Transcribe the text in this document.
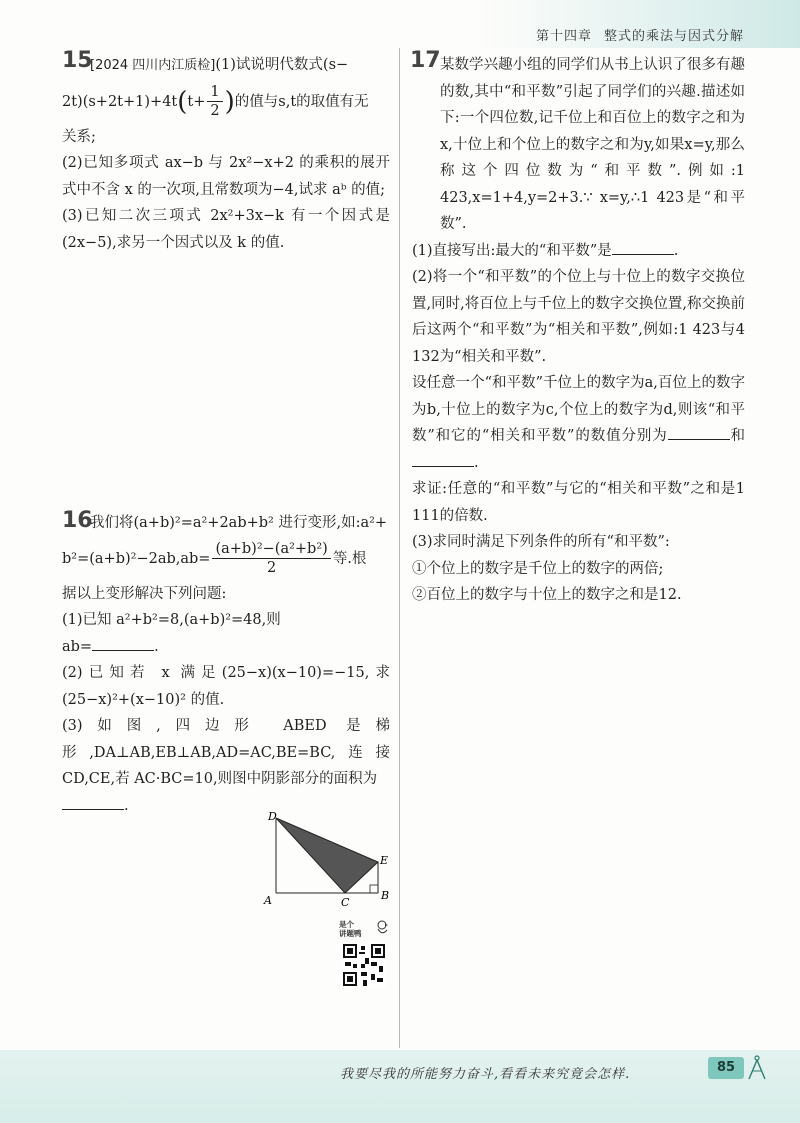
第十四章 整式的乘法与因式分解
15

[2024 四川内江质检](1)试说明代数式(s−

$2t)(s+2t+1)+4t(t+ \frac{1}{2}$ )的值与s,t的取值有无

关系;

(2)已知多项式 ax−b 与 2x²−x+2 的乘积的展开式中不含 x 的一次项,且常数项为−4,试求 aᵇ 的值;

(3)已知二次三项式 2x²+3x−k 有一个因式是(2x−5),求另一个因式以及 k 的值.

16

我们将(a+b)²=a²+2ab+b² 进行变形,如:a²+

$b^2=(a+b)^2-2ab,ab= \frac{\text{(a+b)²−(a²+b²)}}{2}$ 等.根

据以上变形解决下列问题:

(1)已知 a²+b²=8,(a+b)²=48,则
ab=	.

(2)已知若 x 满足(25−x)(x−10)=−15,求(25−x)²+(x−10)² 的值.

(3)如图,四边形 ABED 是梯形,DA⊥AB,EB⊥AB,AD=AC,BE=BC,连接 CD,CE,若 AC·BC=10,则图中阴影部分的面积为
.

D
A	C
B
E
是个
讲题鸭
17 某数学兴趣小组的同学们从书上认识了很多有趣的数,其中“和平数”引起了同学们的兴趣.描述如下:一个四位数,记千位上和百位上的数字之和为x,十位上和个位上的数字之和为y,如果x=y,那么称这个四位数为“和平数”.例如:1 423,x=1+4,y=2+3.∵ x=y,∴1 423是“和平数”.

(1)直接写出:最大的“和平数”是	.

(2)将一个“和平数”的个位上与十位上的数字交换位置,同时,将百位上与千位上的数字交换位置,称交换前后这两个“和平数”为“相关和平数”,例如:1 423与4 132为“相关和平数”.

设任意一个“和平数”千位上的数字为a,百位上的数字为b,十位上的数字为c,个位上的数字为d,则该“和平数”和它的“相关和平数”的数值分别为	和.

求证:任意的“和平数”与它的“相关和平数”之和是1 111的倍数.

(3)求同时满足下列条件的所有“和平数”:

①个位上的数字是千位上的数字的两倍;

②百位上的数字与十位上的数字之和是12.

我要尽我的所能努力奋斗,看看未来究竟会怎样.	85
